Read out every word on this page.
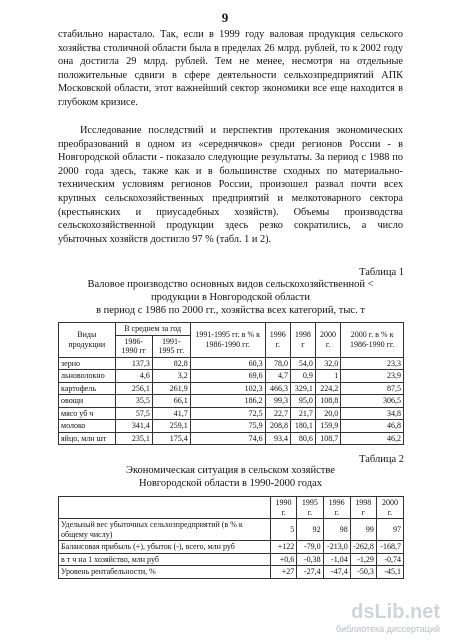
9
стабильно нарастало. Так, если в 1999 году валовая продукция сельского хозяйства столичной области была в пределах 26 млрд. рублей, то к 2002 году она достигла 29 млрд. рублей. Тем не менее, несмотря на отдельные положительные сдвиги в сфере деятельности сельхозпредприятий АПК Московской области, этот важнейший сектор экономики все еще находится в глубоком кризисе.
Исследование последствий и перспектив протекания экономических преобразований в одном из «середнячков» среди регионов России - в Новгородской области - показало следующие результаты. За период с 1988 по 2000 года здесь, также как и в большинстве сходных по материально-техническим условиям регионов России, произошел развал почти всех крупных сельскохозяйственных предприятий и мелкотоварного сектора (крестьянских и приусадебных хозяйств). Объемы производства сельскохозяйственной продукции здесь резко сократились, а число убыточных хозяйств достигло 97 % (табл. 1 и 2).
Таблица 1
Валовое производство основных видов сельскохозяйственной <
продукции в Новгородской области
в период с 1986 по 2000 гг., хозяйства всех категорий, тыс. т
Виды продукции	В среднем за год		1991-1995 гг. в % к 1986-1990 гг.	1996 г.	1998 г	2000 г.	2000 г. в % к 1986-1990 гг.
	1986-1990 гг	1991-1995 гг.					
зерно	137,3	82,8	60,3	78,0	54,0	32,0	23,3
льноволокно	4,6	3,2	69,6	4,7	0,9	1	23,9
картофель	256,1	261,9	102,3	466,3	329,1	224,2	87,5
овощи	35,5	66,1	186,2	99,3	95,0	108,8	306,5
мясо уб ч	57,5	41,7	72,5	22,7	21,7	20,0	34,8
молоко	341,4	259,1	75,9	208,8	180,1	159,9	46,8
яйцо, млн шт	235,1	175,4	74,6	93,4	80,6	108,7	46,2
Таблица 2
Экономическая ситуация в сельском хозяйстве
Новгородской области в 1990-2000 годах
	1990 г.	1995 г.	1996 г.	1998 г	2000 г.
Удельный вес убыточных сельхозпредприятий (в % к общему числу)	5	92	98	99	97
Балансовая прибыль (+), убыток (-), всего, млн руб	+122	-79,0	-213,0	-262,8	-168,7
в т ч на 1 хозяйство, млн руб	+0,6	-0,38	-1,04	-1,29	-0,74
Уровень рентабельности, %	+27	-27,4	-47,4	-50,3	-45,1
dsLib.net
библиотека диссертаций
